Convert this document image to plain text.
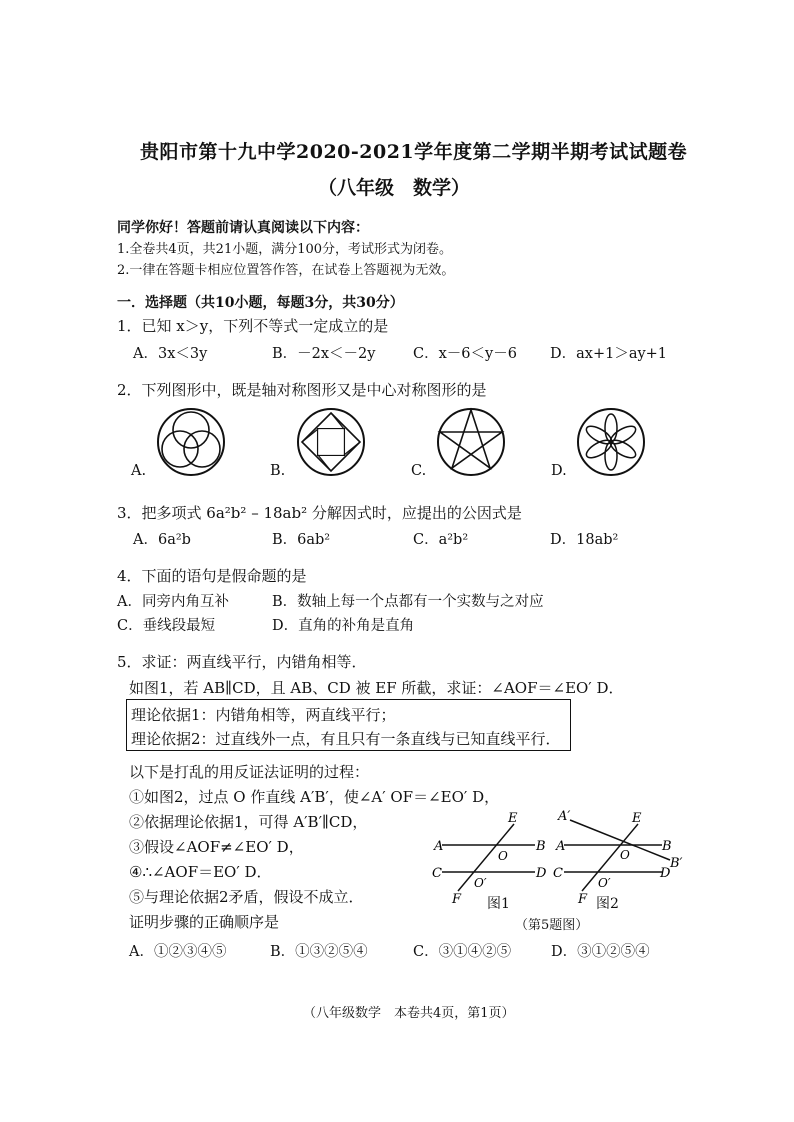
贵阳市第十九中学2020-2021学年度第二学期半期考试试题卷
（八年级　数学）
同学你好！答题前请认真阅读以下内容：
1.全卷共4页，共21小题，满分100分，考试形式为闭卷。
2.一律在答题卡相应位置答作答，在试卷上答题视为无效。
一．选择题（共10小题，每题3分，共30分）
1．已知 x＞y，下列不等式一定成立的是
A．3x＜3y	B．－2x＜－2y	C．x－6＜y－6 D．ax+1＞ay+1
2．下列图形中，既是轴对称图形又是中心对称图形的是
A.	B.	C.	D.
3．把多项式 6a²b² – 18ab² 分解因式时，应提出的公因式是
A．6a²b	B．6ab²	C．a²b²	D．18ab²
4．下面的语句是假命题的是
A．同旁内角互补	B．数轴上每一个点都有一个实数与之对应
C．垂线段最短	D．直角的补角是直角
5．求证：两直线平行，内错角相等．
如图1，若 AB∥CD，且 AB、CD 被 EF 所截，求证：∠AOF＝∠EO′ D．
理论依据1：内错角相等，两直线平行；
理论依据2：过直线外一点，有且只有一条直线与已知直线平行．
以下是打乱的用反证法证明的过程：
①如图2，过点 O 作直线 A′B′，使∠A′ OF＝∠EO′ D，
②依据理论依据1，可得 A′B′∥CD，
③假设∠AOF≠∠EO′ D，
④∴∠AOF＝EO′ D．
⑤与理论依据2矛盾，假设不成立．
证明步骤的正确顺序是
A	B
C	D
E
F
O
O′
图1
A	B
C	D
E
F
O
O′
A′
B′
图2
（第5题图）
A．①②③④⑤	B．①③②⑤④	C．③①④②⑤	D．③①②⑤④
（八年级数学　本卷共4页，第1页）
